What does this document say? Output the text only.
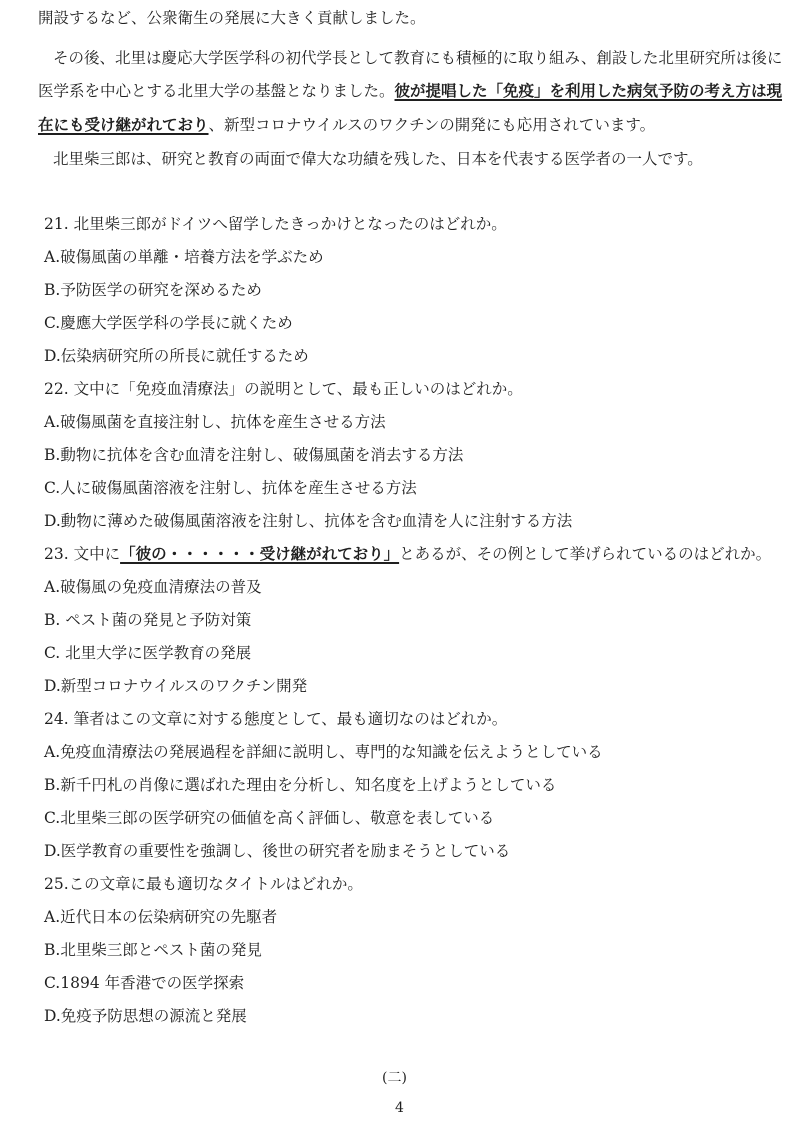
開設するなど、公衆衛生の発展に大きく貢献しました。
その後、北里は慶応大学医学科の初代学長として教育にも積極的に取り組み、創設した北里研究所は後に
医学系を中心とする北里大学の基盤となりました。彼が提唱した「免疫」を利用した病気予防の考え方は現
在にも受け継がれており、新型コロナウイルスのワクチンの開発にも応用されています。
北里柴三郎は、研究と教育の両面で偉大な功績を残した、日本を代表する医学者の一人です。
21. 北里柴三郎がドイツへ留学したきっかけとなったのはどれか。
A.破傷風菌の単離・培養方法を学ぶため
B.予防医学の研究を深めるため
C.慶應大学医学科の学長に就くため
D.伝染病研究所の所長に就任するため
22. 文中に「免疫血清療法」の説明として、最も正しいのはどれか。
A.破傷風菌を直接注射し、抗体を産生させる方法
B.動物に抗体を含む血清を注射し、破傷風菌を消去する方法
C.人に破傷風菌溶液を注射し、抗体を産生させる方法
D.動物に薄めた破傷風菌溶液を注射し、抗体を含む血清を人に注射する方法
23. 文中に「彼の・・・・・・受け継がれており」とあるが、その例として挙げられているのはどれか。
A.破傷風の免疫血清療法の普及
B. ペスト菌の発見と予防対策
C. 北里大学に医学教育の発展
D.新型コロナウイルスのワクチン開発
24. 筆者はこの文章に対する態度として、最も適切なのはどれか。
A.免疫血清療法の発展過程を詳細に説明し、専門的な知識を伝えようとしている
B.新千円札の肖像に選ばれた理由を分析し、知名度を上げようとしている
C.北里柴三郎の医学研究の価値を高く評価し、敬意を表している
D.医学教育の重要性を強調し、後世の研究者を励まそうとしている
25.この文章に最も適切なタイトルはどれか。
A.近代日本の伝染病研究の先駆者
B.北里柴三郎とペスト菌の発見
C.1894 年香港での医学探索
D.免疫予防思想の源流と発展
(二)
4
